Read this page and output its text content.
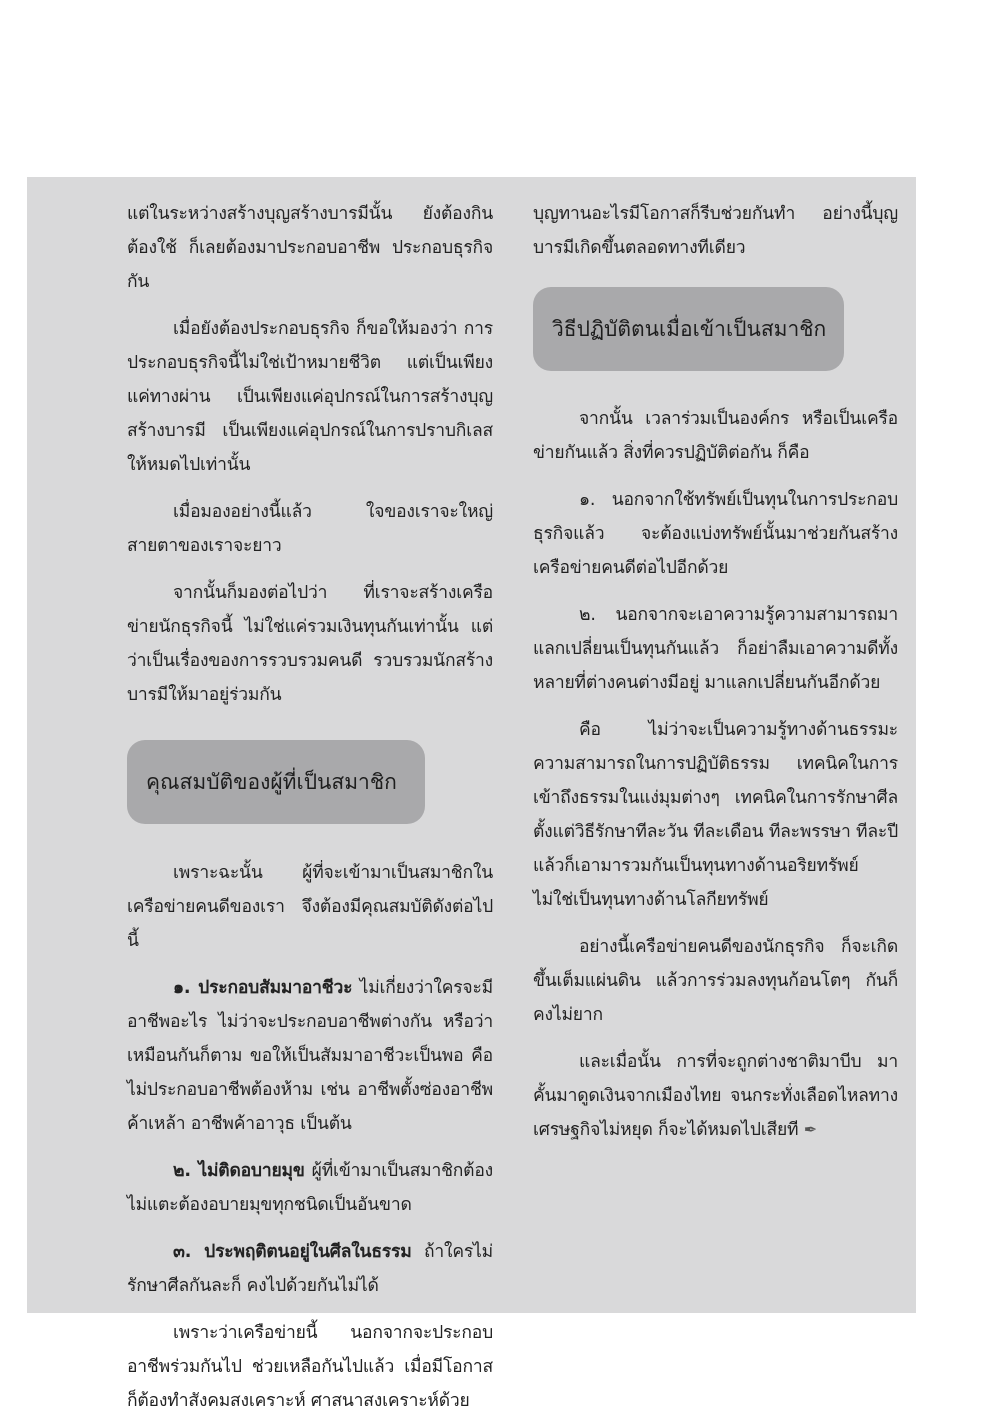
แต่ในระหว่างสร้างบุญสร้างบารมีนั้น ยังต้องกินต้องใช้ ก็เลยต้องมาประกอบอาชีพ ประกอบธุรกิจกัน

เมื่อยังต้องประกอบธุรกิจ ก็ขอให้มองว่า การประกอบธุรกิจนี้ไม่ใช่เป้าหมายชีวิต แต่เป็นเพียงแค่ทางผ่าน เป็นเพียงแค่อุปกรณ์ในการสร้างบุญสร้างบารมี เป็นเพียงแค่อุปกรณ์ในการปราบกิเลสให้หมดไปเท่านั้น

เมื่อมองอย่างนี้แล้ว ใจของเราจะใหญ่ สายตาของเราจะยาว

จากนั้นก็มองต่อไปว่า ที่เราจะสร้างเครือข่ายนักธุรกิจนี้ ไม่ใช่แค่รวมเงินทุนกันเท่านั้น แต่ว่าเป็นเรื่องของการรวบรวมคนดี รวบรวมนักสร้างบารมีให้มาอยู่ร่วมกัน

คุณสมบัติของผู้ที่เป็นสมาชิก

เพราะฉะนั้น ผู้ที่จะเข้ามาเป็นสมาชิกในเครือข่ายคนดีของเรา จึงต้องมีคุณสมบัติดังต่อไปนี้

๑. ประกอบสัมมาอาชีวะ ไม่เกี่ยงว่าใครจะมีอาชีพอะไร ไม่ว่าจะประกอบอาชีพต่างกัน หรือว่าเหมือนกันก็ตาม ขอให้เป็นสัมมาอาชีวะเป็นพอ คือ ไม่ประกอบอาชีพต้องห้าม เช่น อาชีพตั้งซ่องอาชีพค้าเหล้า อาชีพค้าอาวุธ เป็นต้น

๒. ไม่ติดอบายมุข ผู้ที่เข้ามาเป็นสมาชิกต้องไม่แตะต้องอบายมุขทุกชนิดเป็นอันขาด

๓. ประพฤติตนอยู่ในศีลในธรรม ถ้าใครไม่รักษาศีลกันละก็ คงไปด้วยกันไม่ได้

เพราะว่าเครือข่ายนี้ นอกจากจะประกอบอาชีพร่วมกันไป ช่วยเหลือกันไปแล้ว เมื่อมีโอกาสก็ต้องทำสังคมสงเคราะห์ ศาสนาสงเคราะห์ด้วย

บุญทานอะไรมีโอกาสก็รีบช่วยกันทำ อย่างนี้บุญบารมีเกิดขึ้นตลอดทางทีเดียว

วิธีปฏิบัติตนเมื่อเข้าเป็นสมาชิก

จากนั้น เวลาร่วมเป็นองค์กร หรือเป็นเครือข่ายกันแล้ว สิ่งที่ควรปฏิบัติต่อกัน ก็คือ

๑. นอกจากใช้ทรัพย์เป็นทุนในการประกอบธุรกิจแล้ว จะต้องแบ่งทรัพย์นั้นมาช่วยกันสร้างเครือข่ายคนดีต่อไปอีกด้วย

๒. นอกจากจะเอาความรู้ความสามารถมาแลกเปลี่ยนเป็นทุนกันแล้ว ก็อย่าลืมเอาความดีทั้งหลายที่ต่างคนต่างมีอยู่ มาแลกเปลี่ยนกันอีกด้วย

คือ ไม่ว่าจะเป็นความรู้ทางด้านธรรมะ ความสามารถในการปฏิบัติธรรม เทคนิคในการเข้าถึงธรรมในแง่มุมต่างๆ เทคนิคในการรักษาศีลตั้งแต่วิธีรักษาทีละวัน ทีละเดือน ทีละพรรษา ทีละปี แล้วก็เอามารวมกันเป็นทุนทางด้านอริยทรัพย์ ไม่ใช่เป็นทุนทางด้านโลกียทรัพย์

อย่างนี้เครือข่ายคนดีของนักธุรกิจ ก็จะเกิดขึ้นเต็มแผ่นดิน แล้วการร่วมลงทุนก้อนโตๆ กันก็คงไม่ยาก

และเมื่อนั้น การที่จะถูกต่างชาติมาบีบ มาคั้นมาดูดเงินจากเมืองไทย จนกระทั่งเลือดไหลทางเศรษฐกิจไม่หยุด ก็จะได้หมดไปเสียที ✒
